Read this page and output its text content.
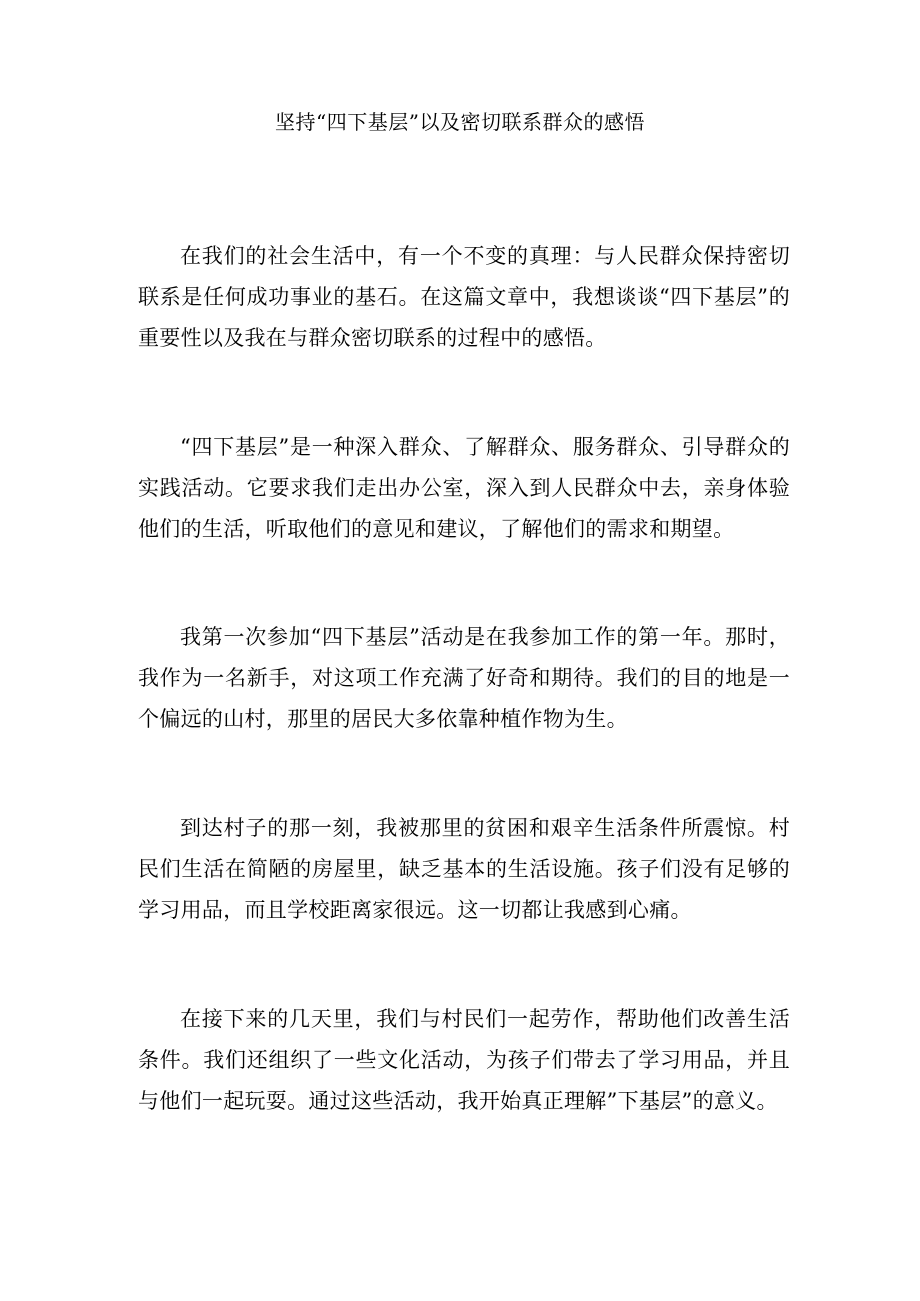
坚持“四下基层”以及密切联系群众的感悟

在我们的社会生活中，有一个不变的真理：与人民群众保持密切联系是任何成功事业的基石。在这篇文章中，我想谈谈“四下基层”的重要性以及我在与群众密切联系的过程中的感悟。

“四下基层”是一种深入群众、了解群众、服务群众、引导群众的实践活动。它要求我们走出办公室，深入到人民群众中去，亲身体验他们的生活，听取他们的意见和建议，了解他们的需求和期望。

我第一次参加“四下基层”活动是在我参加工作的第一年。那时，我作为一名新手，对这项工作充满了好奇和期待。我们的目的地是一个偏远的山村，那里的居民大多依靠种植作物为生。

到达村子的那一刻，我被那里的贫困和艰辛生活条件所震惊。村民们生活在简陋的房屋里，缺乏基本的生活设施。孩子们没有足够的学习用品，而且学校距离家很远。这一切都让我感到心痛。

在接下来的几天里，我们与村民们一起劳作，帮助他们改善生活条件。我们还组织了一些文化活动，为孩子们带去了学习用品，并且与他们一起玩耍。通过这些活动，我开始真正理解”下基层”的意义。
